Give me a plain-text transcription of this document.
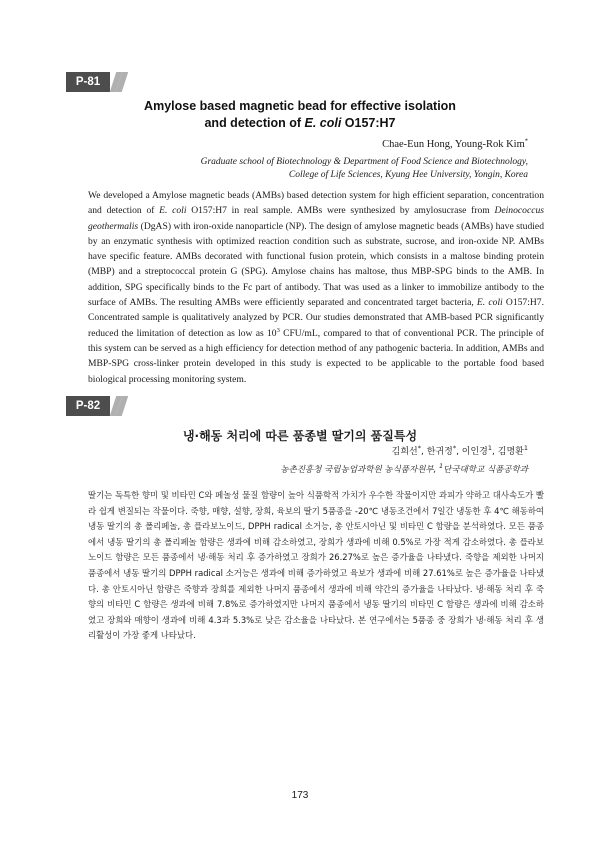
P-81
Amylose based magnetic bead for effective isolation
and detection of E. coli O157:H7
Chae-Eun Hong, Young-Rok Kim*
Graduate school of Biotechnology & Department of Food Science and Biotechnology,
College of Life Sciences, Kyung Hee University, Yongin, Korea

We developed a Amylose magnetic beads (AMBs) based detection system for high efficient separation, concentration and detection of E. coli O157:H7 in real sample. AMBs were synthesized by amylosucrase from Deinococcus geothermalis (DgAS) with iron-oxide nanoparticle (NP). The design of amylose magnetic beads (AMBs) have studied by an enzymatic synthesis with optimized reaction condition such as substrate, sucrose, and iron-oxide NP. AMBs have specific feature. AMBs decorated with functional fusion protein, which consists in a maltose binding protein (MBP) and a streptococcal protein G (SPG). Amylose chains has maltose, thus MBP-SPG binds to the AMB. In addition, SPG specifically binds to the Fc part of antibody. That was used as a linker to immobilize antibody to the surface of AMBs. The resulting AMBs were efficiently separated and concentrated target bacteria, E. coli O157:H7. Concentrated sample is qualitatively analyzed by PCR. Our studies demonstrated that AMB-based PCR significantly reduced the limitation of detection as low as $10^3$ CFU/mL, compared to that of conventional PCR. The principle of this system can be served as a high efficiency for detection method of any pathogenic bacteria. In addition, AMBs and MBP-SPG cross-linker protein developed in this study is expected to be applicable to the portable food based biological processing monitoring system.

P-82
냉·해동 처리에 따른 품종별 딸기의 품질특성
김희선*, 한귀정*, 이인경$^1$, 김명환$^1$
농촌진흥청 국립농업과학원 농식품자원부, $^1$단국대학교 식품공학과

딸기는 독특한 향미 및 비타민 C와 페놀성 물질 함량이 높아 식품학적 가치가 우수한 작물이지만 과피가 약하고 대사속도가 빨라 쉽게 변질되는 작물이다. 죽향, 매향, 설향, 장희, 육보의 딸기 5품종을 -20℃ 냉동조건에서 7일간 냉동한 후 4℃ 해동하여 냉동 딸기의 총 폴리페놀, 총 플라보노이드, DPPH radical 소거능, 총 안토시아닌 및 비타민 C 함량을 분석하였다. 모든 품종에서 냉동 딸기의 총 폴리페놀 함량은 생과에 비해 감소하였고, 장희가 생과에 비해 0.5%로 가장 적게 감소하였다. 총 플라보노이드 함량은 모든 품종에서 냉·해동 처리 후 증가하였고 장희가 26.27%로 높은 증가율을 나타냈다. 죽향을 제외한 나머지 품종에서 냉동 딸기의 DPPH radical 소거능은 생과에 비해 증가하였고 육보가 생과에 비해 27.61%로 높은 증가율을 나타냈다. 총 안토시아닌 함량은 죽향과 장희를 제외한 나머지 품종에서 생과에 비해 약간의 증가율을 나타났다. 냉·해동 처리 후 죽향의 비타민 C 함량은 생과에 비해 7.8%로 증가하였지만 나머지 품종에서 냉동 딸기의 비타민 C 함량은 생과에 비해 감소하였고 장희와 매향이 생과에 비해 4.3과 5.3%로 낮은 감소율을 나타났다. 본 연구에서는 5품종 중 장희가 냉·해동 처리 후 생리활성이 가장 좋게 나타났다.

173
